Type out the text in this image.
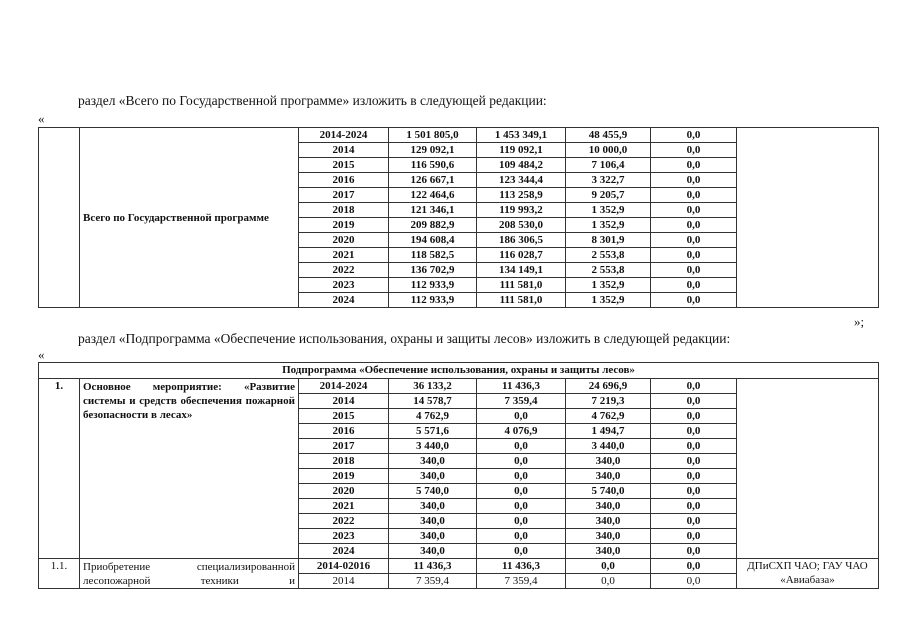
раздел «Всего по Государственной программе» изложить в следующей редакции:
«
	Всего по Государственной программе	2014-2024	1 501 805,0	1 453 349,1	48 455,9	0,0	
		2014	129 092,1	119 092,1	10 000,0	0,0	
		2015	116 590,6	109 484,2	7 106,4	0,0	
		2016	126 667,1	123 344,4	3 322,7	0,0	
		2017	122 464,6	113 258,9	9 205,7	0,0	
		2018	121 346,1	119 993,2	1 352,9	0,0	
		2019	209 882,9	208 530,0	1 352,9	0,0	
		2020	194 608,4	186 306,5	8 301,9	0,0	
		2021	118 582,5	116 028,7	2 553,8	0,0	
		2022	136 702,9	134 149,1	2 553,8	0,0	
		2023	112 933,9	111 581,0	1 352,9	0,0	
		2024	112 933,9	111 581,0	1 352,9	0,0	
»;
раздел «Подпрограмма «Обеспечение использования, охраны и защиты лесов» изложить в следующей редакции:
«
Подпрограмма «Обеспечение использования, охраны и защиты лесов»							
1.	Основное мероприятие: «Развитие системы и средств обеспечения пожарной безопасности в лесах»	2014-2024	36 133,2	11 436,3	24 696,9	0,0	
		2014	14 578,7	7 359,4	7 219,3	0,0	
		2015	4 762,9	0,0	4 762,9	0,0	
		2016	5 571,6	4 076,9	1 494,7	0,0	
		2017	3 440,0	0,0	3 440,0	0,0	
		2018	340,0	0,0	340,0	0,0	
		2019	340,0	0,0	340,0	0,0	
		2020	5 740,0	0,0	5 740,0	0,0	
		2021	340,0	0,0	340,0	0,0	
		2022	340,0	0,0	340,0	0,0	
		2023	340,0	0,0	340,0	0,0	
		2024	340,0	0,0	340,0	0,0	
1.1.	Приобретение специализированной лесопожарной техники и	2014-02016	11 436,3	11 436,3	0,0	0,0	ДПиСХП ЧАО; ГАУ ЧАО «Авиабаза»
		2014	7 359,4	7 359,4	0,0	0,0	
